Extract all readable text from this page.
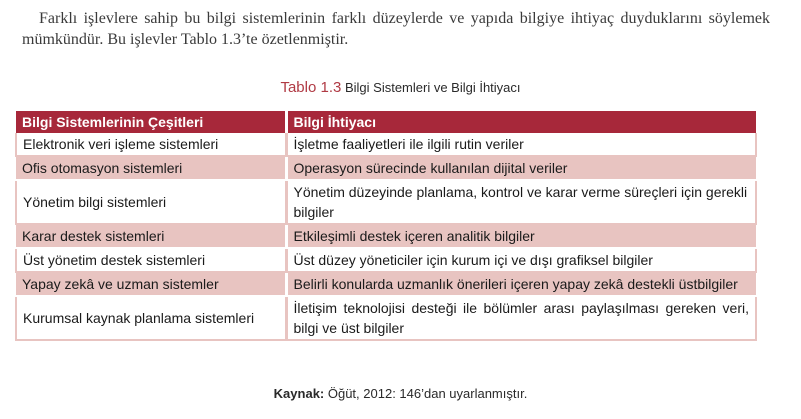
Farklı işlevlere sahip bu bilgi sistemlerinin farklı düzeylerde ve yapıda bilgiye ihtiyaç duyduklarını söylemek mümkündür. Bu işlevler Tablo 1.3’te özetlenmiştir.

Tablo 1.3 Bilgi Sistemleri ve Bilgi İhtiyacı

Bilgi Sistemlerinin Çeşitleri	Bilgi İhtiyacı
Elektronik veri işleme sistemleri	İşletme faaliyetleri ile ilgili rutin veriler
Ofis otomasyon sistemleri	Operasyon sürecinde kullanılan dijital veriler
Yönetim bilgi sistemleri	Yönetim düzeyinde planlama, kontrol ve karar verme süreçleri için gerekli bilgiler
Karar destek sistemleri	Etkileşimli destek içeren analitik bilgiler
Üst yönetim destek sistemleri	Üst düzey yöneticiler için kurum içi ve dışı grafiksel bilgiler
Yapay zekâ ve uzman sistemler	Belirli konularda uzmanlık önerileri içeren yapay zekâ destekli üstbilgiler
Kurumsal kaynak planlama sistemleri	İletişim teknolojisi desteği ile bölümler arası paylaşılması gereken veri, bilgi ve üst bilgiler

Kaynak: Öğüt, 2012: 146’dan uyarlanmıştır.
